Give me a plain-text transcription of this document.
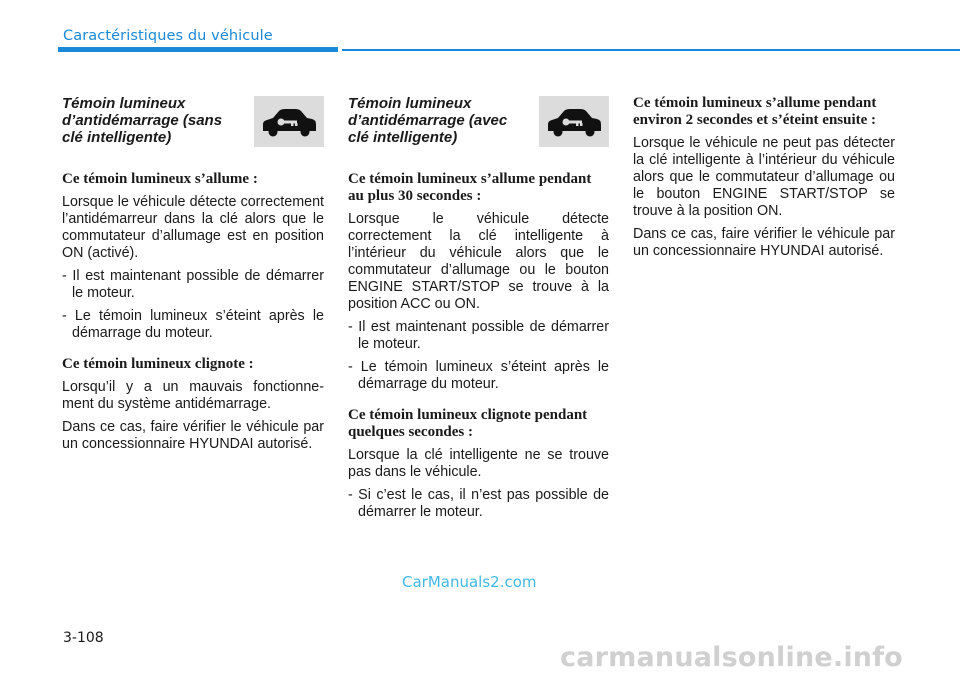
Caractéristiques du véhicule
Témoin lumineux d’antidémarrage (sans clé intelligente)
Ce témoin lumineux s’allume :

Lorsque le véhicule détecte correctement l’antidémarreur dans la clé alors que le commutateur d’allumage est en position ON (activé).

- Il est maintenant possible de démarrer le moteur.

- Le témoin lumineux s’éteint après le démarrage du moteur.

Ce témoin lumineux clignote :

Lorsqu’il y a un mauvais fonctionne- ment du système antidémarrage.

Dans ce cas, faire vérifier le véhicule par un concessionnaire HYUNDAI autorisé.

Témoin lumineux d’antidémarrage (avec clé intelligente)
Ce témoin lumineux s’allume pendant au plus 30 secondes :

Lorsque le véhicule détecte correctement la clé intelligente à l’intérieur du véhicule alors que le commutateur d’allumage ou le bouton ENGINE START/STOP se trouve à la position ACC ou ON.

- Il est maintenant possible de démarrer le moteur.

- Le témoin lumineux s’éteint après le démarrage du moteur.

Ce témoin lumineux clignote pendant quelques secondes :

Lorsque la clé intelligente ne se trouve pas dans le véhicule.

- Si c’est le cas, il n’est pas possible de démarrer le moteur.

Ce témoin lumineux s’allume pendant environ 2 secondes et s’éteint ensuite :

Lorsque le véhicule ne peut pas détecter la clé intelligente à l’intérieur du véhicule alors que le commutateur d’allumage ou le bouton ENGINE START/STOP se trouve à la position ON.

Dans ce cas, faire vérifier le véhicule par un concessionnaire HYUNDAI autorisé.

CarManuals2.com
3-108
carmanualsonline.info
